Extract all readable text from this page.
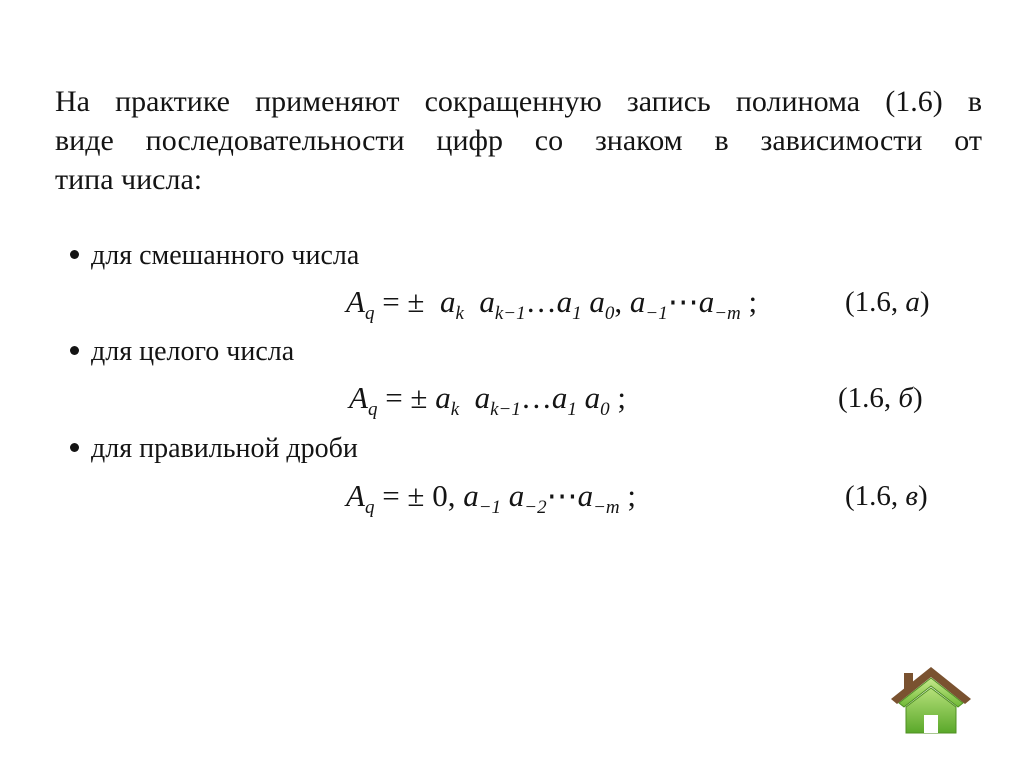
На практике применяют сокращенную запись полинома (1.6) в
виде последовательности цифр со знаком в зависимости от
типа числа:
для смешанного числа
$A_q$ = ± $a_k$ $a_{k-1}\dots a_1$ $a_0$, $a_{-1}\cdots a_{-m}$ ;	(1.6, а)
для целого числа
$A_q$ = ± $a_k$ $a_{k-1}\dots a_1$ $a_0$ ;	(1.6, б)
для правильной дроби
$A_q$ = ± 0, $a_{-1}$ $a_{-2}\cdots a_{-m}$ ;	(1.6, в)
